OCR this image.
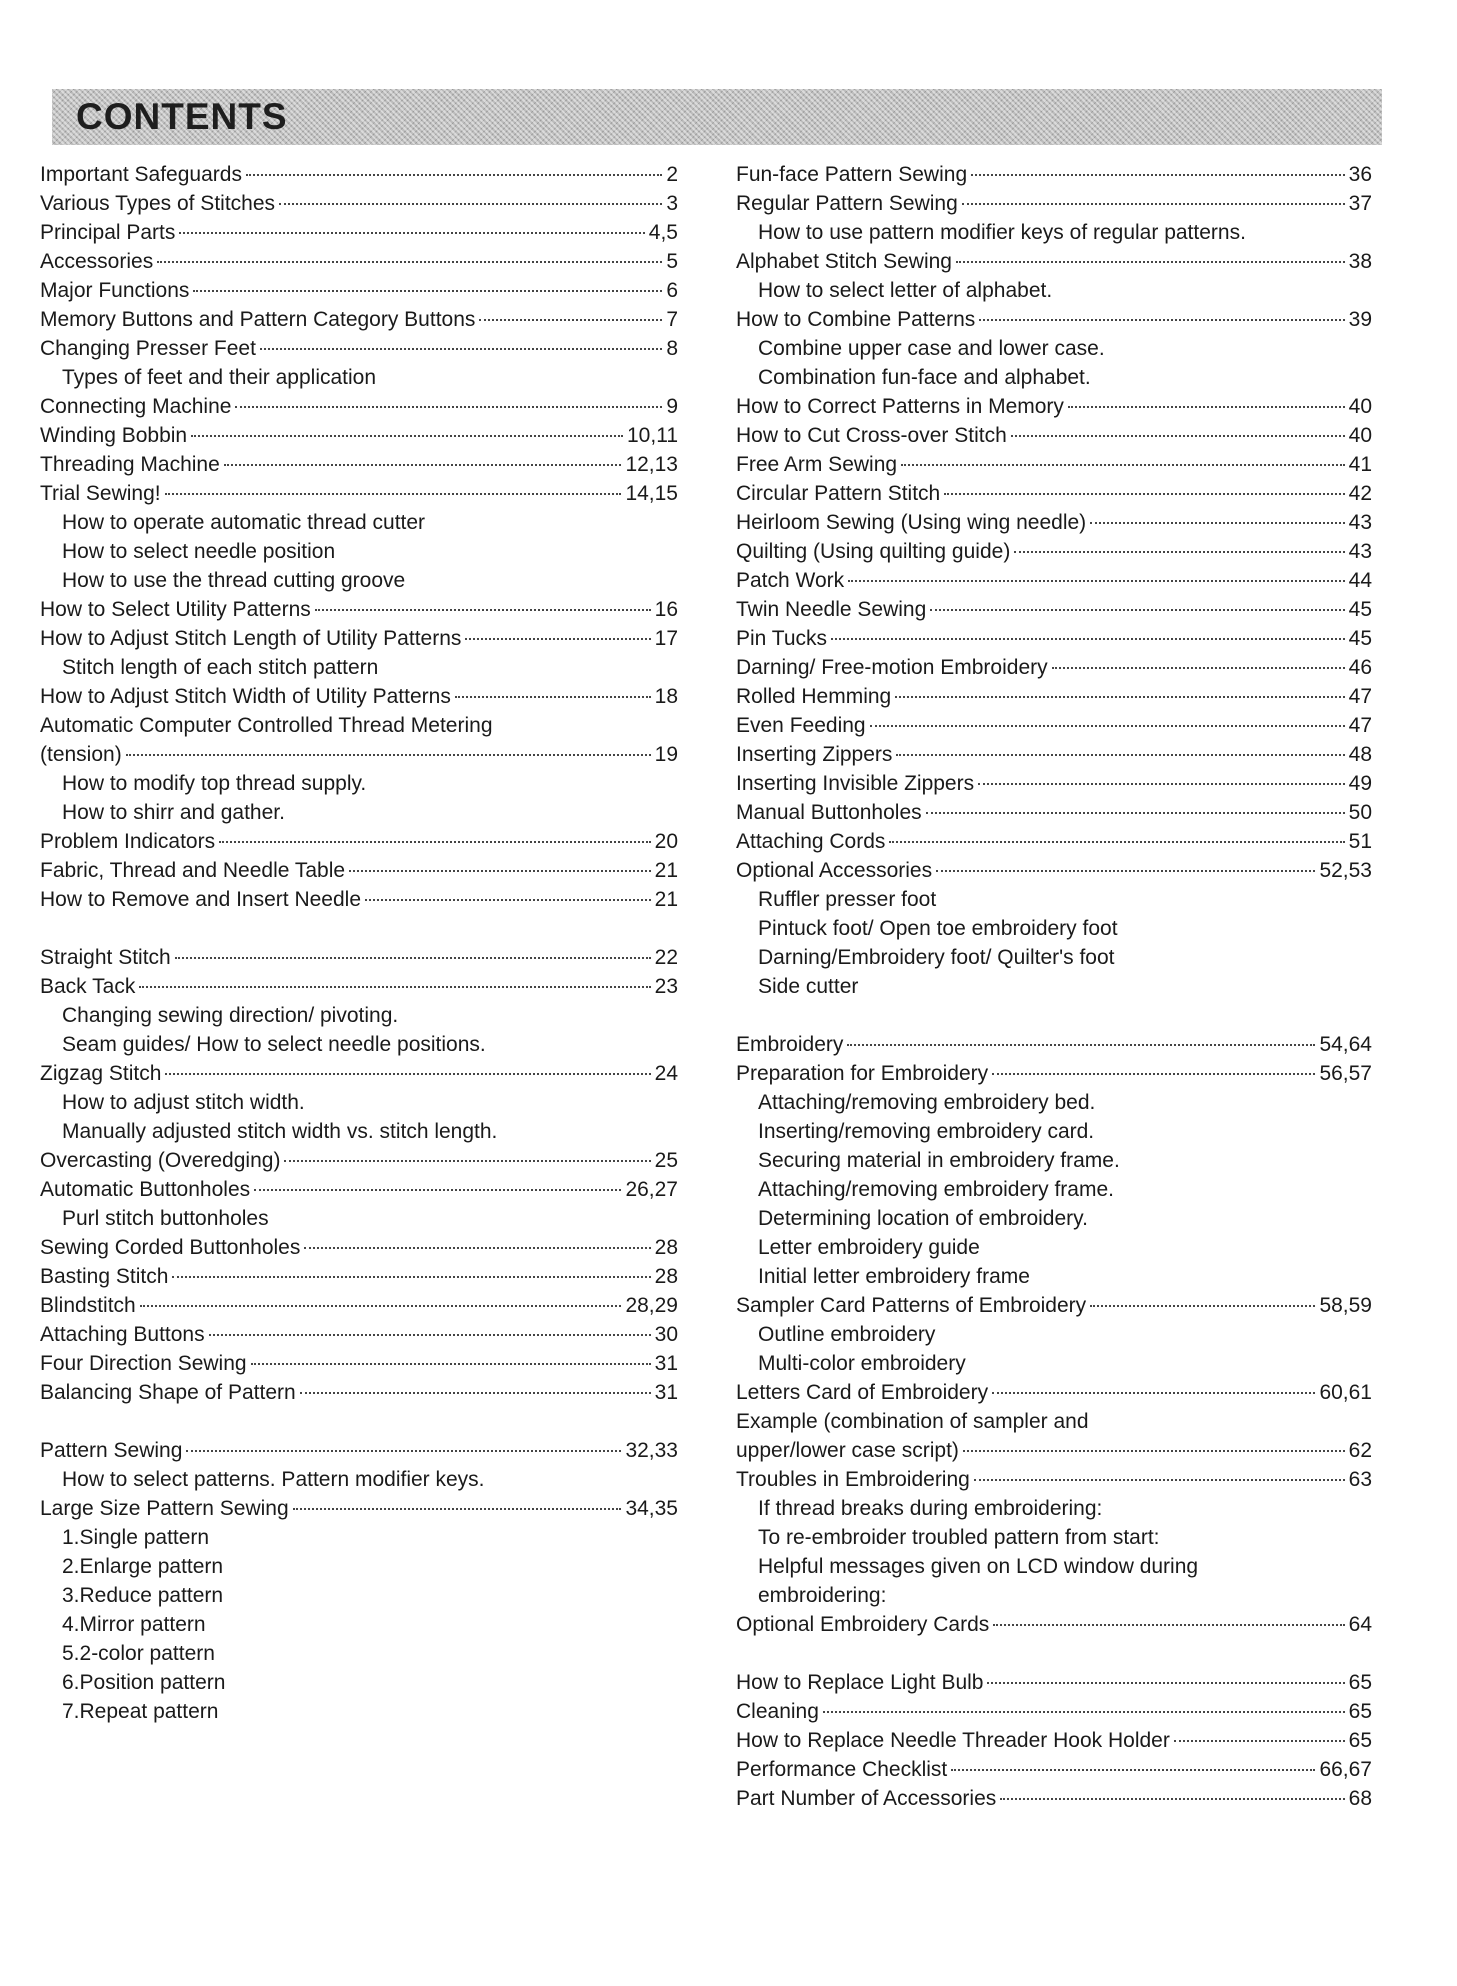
CONTENTS
Important Safeguards	2
Various Types of Stitches	3
Principal Parts	4,5
Accessories	5
Major Functions	6
Memory Buttons and Pattern Category Buttons	7
Changing Presser Feet	8
Types of feet and their application
Connecting Machine	9
Winding Bobbin	10,11
Threading Machine	12,13
Trial Sewing!	14,15
How to operate automatic thread cutter
How to select needle position
How to use the thread cutting groove
How to Select Utility Patterns	16
How to Adjust Stitch Length of Utility Patterns	17
Stitch length of each stitch pattern
How to Adjust Stitch Width of Utility Patterns	18
Automatic Computer Controlled Thread Metering
(tension)	19
How to modify top thread supply.
How to shirr and gather.
Problem Indicators	20
Fabric, Thread and Needle Table	21
How to Remove and Insert Needle	21
Straight Stitch	22
Back Tack	23
Changing sewing direction/ pivoting.
Seam guides/ How to select needle positions.
Zigzag Stitch	24
How to adjust stitch width.
Manually adjusted stitch width vs. stitch length.
Overcasting (Overedging)	25
Automatic Buttonholes	26,27
Purl stitch buttonholes
Sewing Corded Buttonholes	28
Basting Stitch	28
Blindstitch	28,29
Attaching Buttons	30
Four Direction Sewing	31
Balancing Shape of Pattern	31
Pattern Sewing	32,33
How to select patterns. Pattern modifier keys.
Large Size Pattern Sewing	34,35
1.Single pattern
2.Enlarge pattern
3.Reduce pattern
4.Mirror pattern
5.2-color pattern
6.Position pattern
7.Repeat pattern
Fun-face Pattern Sewing	36
Regular Pattern Sewing	37
How to use pattern modifier keys of regular patterns.
Alphabet Stitch Sewing	38
How to select letter of alphabet.
How to Combine Patterns	39
Combine upper case and lower case.
Combination fun-face and alphabet.
How to Correct Patterns in Memory	40
How to Cut Cross-over Stitch	40
Free Arm Sewing	41
Circular Pattern Stitch	42
Heirloom Sewing (Using wing needle)	43
Quilting (Using quilting guide)	43
Patch Work	44
Twin Needle Sewing	45
Pin Tucks	45
Darning/ Free-motion Embroidery	46
Rolled Hemming	47
Even Feeding	47
Inserting Zippers	48
Inserting Invisible Zippers	49
Manual Buttonholes	50
Attaching Cords	51
Optional Accessories	52,53
Ruffler presser foot
Pintuck foot/ Open toe embroidery foot
Darning/Embroidery foot/ Quilter's foot
Side cutter
Embroidery	54,64
Preparation for Embroidery	56,57
Attaching/removing embroidery bed.
Inserting/removing embroidery card.
Securing material in embroidery frame.
Attaching/removing embroidery frame.
Determining location of embroidery.
Letter embroidery guide
Initial letter embroidery frame
Sampler Card Patterns of Embroidery	58,59
Outline embroidery
Multi-color embroidery
Letters Card of Embroidery	60,61
Example (combination of sampler and
upper/lower case script)	62
Troubles in Embroidering	63
If thread breaks during embroidering:
To re-embroider troubled pattern from start:
Helpful messages given on LCD window during
embroidering:
Optional Embroidery Cards	64
How to Replace Light Bulb	65
Cleaning	65
How to Replace Needle Threader Hook Holder	65
Performance Checklist	66,67
Part Number of Accessories	68
